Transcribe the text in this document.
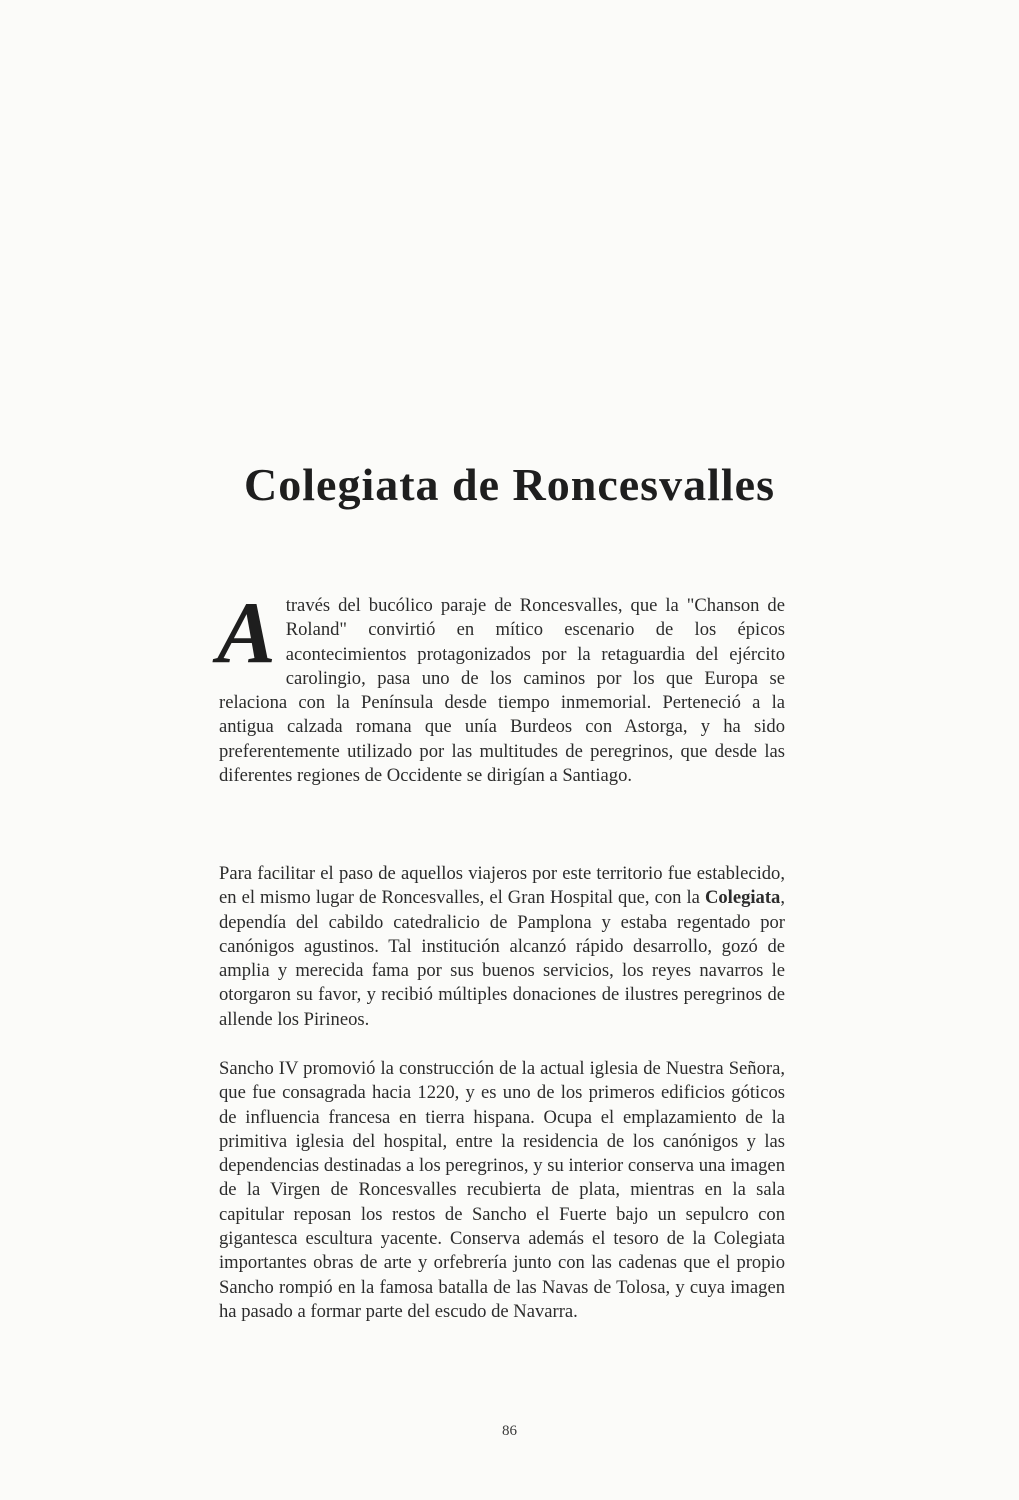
Colegiata de Roncesvalles

Através del bucólico paraje de Roncesvalles, que la "Chanson de Roland" convirtió en mítico escenario de los épicos acontecimientos protagonizados por la retaguardia del ejército carolingio, pasa uno de los caminos por los que Europa se relaciona con la Península desde tiempo inmemorial. Perteneció a la antigua calzada romana que unía Burdeos con Astorga, y ha sido preferentemente utilizado por las multitudes de peregrinos, que desde las diferentes regiones de Occidente se dirigían a Santiago.

Para facilitar el paso de aquellos viajeros por este territorio fue establecido, en el mismo lugar de Roncesvalles, el Gran Hospital que, con la Colegiata, dependía del cabildo catedralicio de Pamplona y estaba regentado por canónigos agustinos. Tal institución alcanzó rápido desarrollo, gozó de amplia y merecida fama por sus buenos servicios, los reyes navarros le otorgaron su favor, y recibió múltiples donaciones de ilustres peregrinos de allende los Pirineos.

Sancho IV promovió la construcción de la actual iglesia de Nuestra Señora, que fue consagrada hacia 1220, y es uno de los primeros edificios góticos de influencia francesa en tierra hispana. Ocupa el emplazamiento de la primitiva iglesia del hospital, entre la residencia de los canónigos y las dependencias destinadas a los peregrinos, y su interior conserva una imagen de la Virgen de Roncesvalles recubierta de plata, mientras en la sala capitular reposan los restos de Sancho el Fuerte bajo un sepulcro con gigantesca escultura yacente. Conserva además el tesoro de la Colegiata importantes obras de arte y orfebrería junto con las cadenas que el propio Sancho rompió en la famosa batalla de las Navas de Tolosa, y cuya imagen ha pasado a formar parte del escudo de Navarra.

86
